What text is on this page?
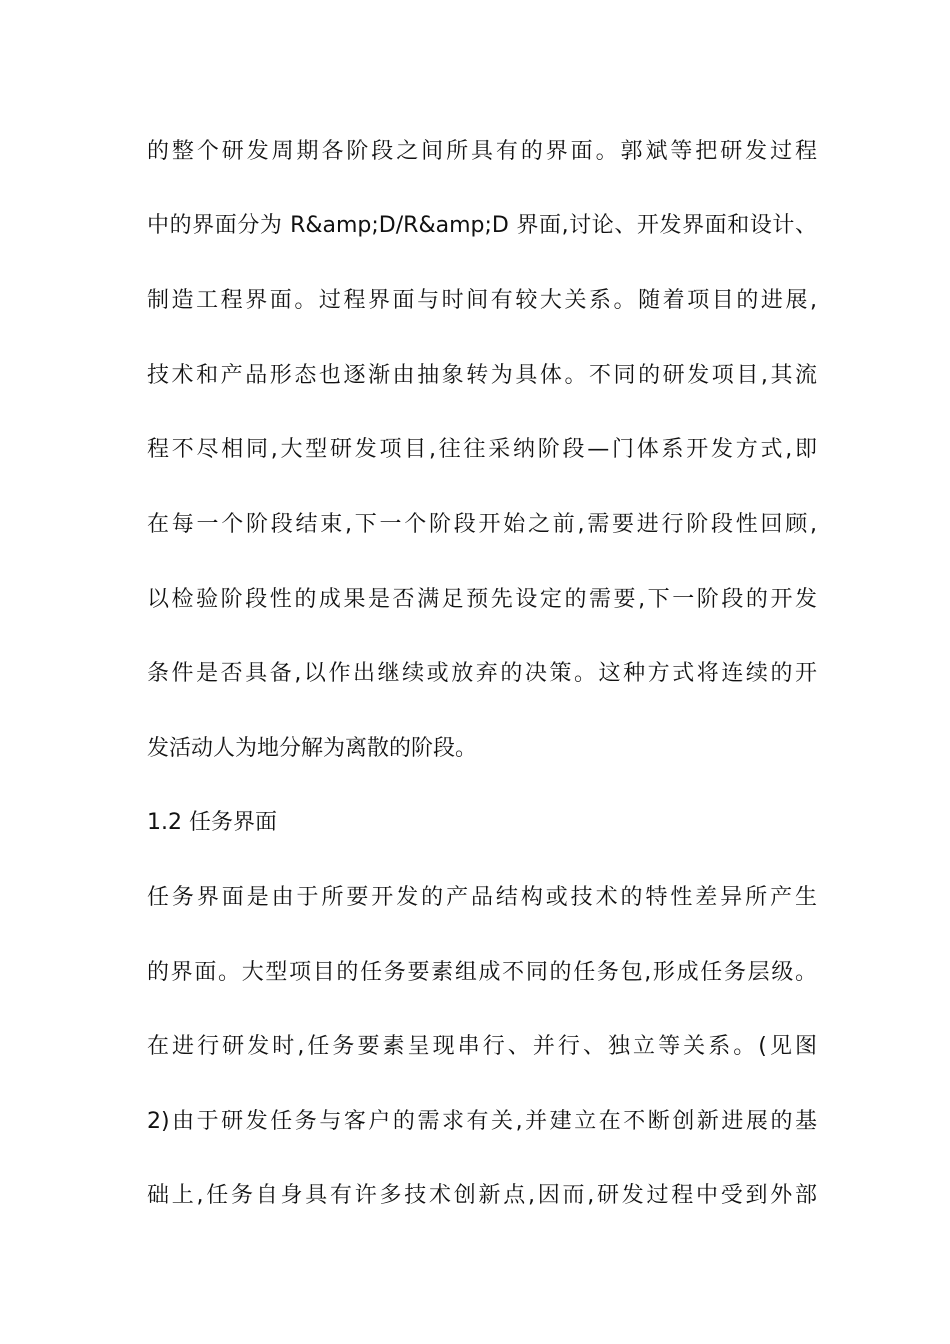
的整个研发周期各阶段之间所具有的界面。郭斌等把研发过程
中的界面分为 R&amp;D/R&amp;D 界面,讨论、开发界面和设计、
制造工程界面。过程界面与时间有较大关系。随着项目的进展,
技术和产品形态也逐渐由抽象转为具体。不同的研发项目,其流
程不尽相同,大型研发项目,往往采纳阶段—门体系开发方式,即
在每一个阶段结束,下一个阶段开始之前,需要进行阶段性回顾,
以检验阶段性的成果是否满足预先设定的需要,下一阶段的开发
条件是否具备,以作出继续或放弃的决策。这种方式将连续的开
发活动人为地分解为离散的阶段。
1.2 任务界面
任务界面是由于所要开发的产品结构或技术的特性差异所产生
的界面。大型项目的任务要素组成不同的任务包,形成任务层级。
在进行研发时,任务要素呈现串行、并行、独立等关系。(见图
2)由于研发任务与客户的需求有关,并建立在不断创新进展的基
础上,任务自身具有许多技术创新点,因而,研发过程中受到外部
